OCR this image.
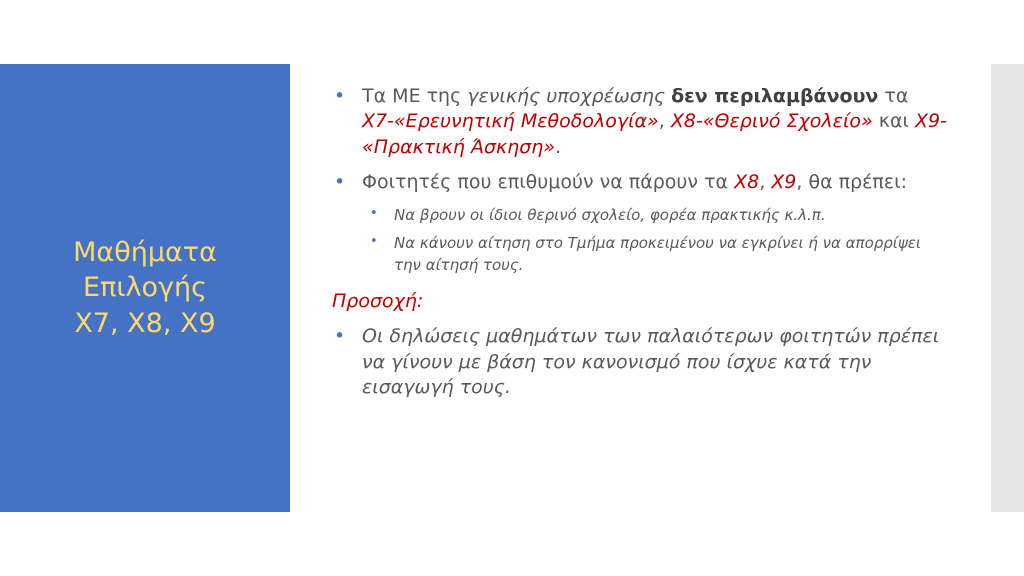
Μαθήματα
Επιλογής
Χ7, Χ8, Χ9

• Τα ΜΕ της γενικής υποχρέωσης δεν περιλαμβάνουν τα Χ7-«Ερευνητική Μεθοδολογία», Χ8-«Θερινό Σχολείο» και Χ9- «Πρακτική Άσκηση».

• Φοιτητές που επιθυμούν να πάρουν τα Χ8, Χ9, θα πρέπει:

• Να βρουν οι ίδιοι θερινό σχολείο, φορέα πρακτικής κ.λ.π.

• Να κάνουν αίτηση στο Τμήμα προκειμένου να εγκρίνει ή να απορρίψει την αίτησή τους.

Προσοχή:

• Οι δηλώσεις μαθημάτων των παλαιότερων φοιτητών πρέπει να γίνουν με βάση τον κανονισμό που ίσχυε κατά την εισαγωγή τους.
